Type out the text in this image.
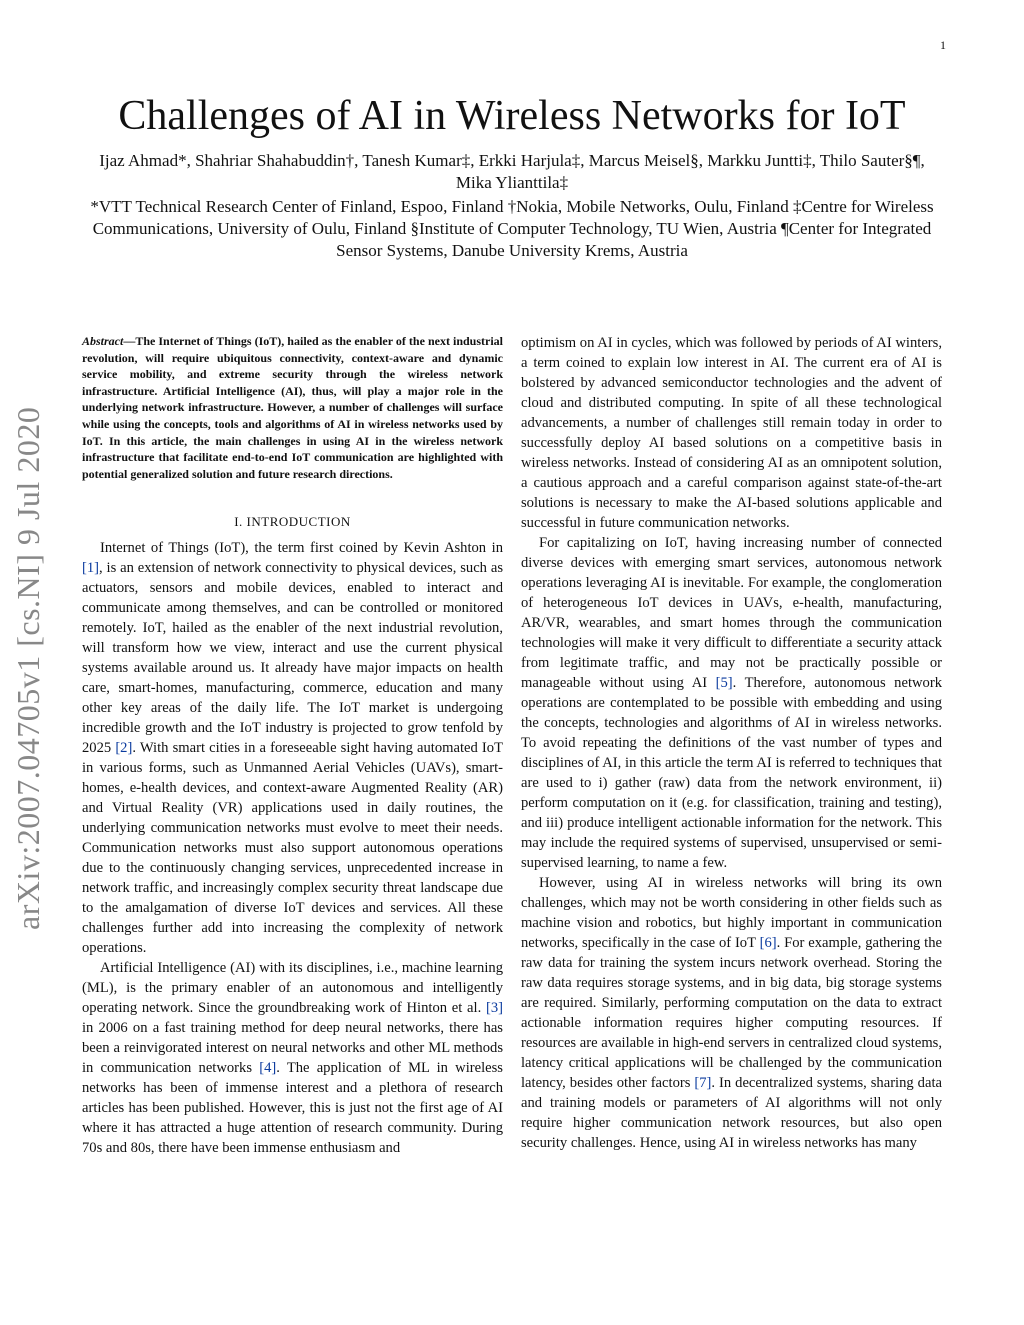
1
arXiv:2007.04705v1 [cs.NI] 9 Jul 2020
Challenges of AI in Wireless Networks for IoT
Ijaz Ahmad*, Shahriar Shahabuddin†, Tanesh Kumar‡, Erkki Harjula‡, Marcus Meisel§, Markku Juntti‡, Thilo Sauter§¶, Mika Ylianttila‡
*VTT Technical Research Center of Finland, Espoo, Finland †Nokia, Mobile Networks, Oulu, Finland ‡Centre for Wireless Communications, University of Oulu, Finland §Institute of Computer Technology, TU Wien, Austria ¶Center for Integrated Sensor Systems, Danube University Krems, Austria

Abstract—The Internet of Things (IoT), hailed as the enabler of the next industrial revolution, will require ubiquitous connectivity, context-aware and dynamic service mobility, and extreme security through the wireless network infrastructure. Artificial Intelligence (AI), thus, will play a major role in the underlying network infrastructure. However, a number of challenges will surface while using the concepts, tools and algorithms of AI in wireless networks used by IoT. In this article, the main challenges in using AI in the wireless network infrastructure that facilitate end-to-end IoT communication are highlighted with potential generalized solution and future research directions.

I. INTRODUCTION

Internet of Things (IoT), the term first coined by Kevin Ashton in [1], is an extension of network connectivity to physical devices, such as actuators, sensors and mobile devices, enabled to interact and communicate among themselves, and can be controlled or monitored remotely. IoT, hailed as the enabler of the next industrial revolution, will transform how we view, interact and use the current physical systems available around us. It already have major impacts on health care, smart-homes, manufacturing, commerce, education and many other key areas of the daily life. The IoT market is undergoing incredible growth and the IoT industry is projected to grow tenfold by 2025 [2]. With smart cities in a foreseeable sight having automated IoT in various forms, such as Unmanned Aerial Vehicles (UAVs), smart-homes, e-health devices, and context-aware Augmented Reality (AR) and Virtual Reality (VR) applications used in daily routines, the underlying communication networks must evolve to meet their needs. Communication networks must also support autonomous operations due to the continuously changing services, unprecedented increase in network traffic, and increasingly complex security threat landscape due to the amalgamation of diverse IoT devices and services. All these challenges further add into increasing the complexity of network operations.

Artificial Intelligence (AI) with its disciplines, i.e., machine learning (ML), is the primary enabler of an autonomous and intelligently operating network. Since the groundbreaking work of Hinton et al. [3] in 2006 on a fast training method for deep neural networks, there has been a reinvigorated interest on neural networks and other ML methods in communication networks [4]. The application of ML in wireless networks has been of immense interest and a plethora of research articles has been published. However, this is just not the first age of AI where it has attracted a huge attention of research community. During 70s and 80s, there have been immense enthusiasm and

optimism on AI in cycles, which was followed by periods of AI winters, a term coined to explain low interest in AI. The current era of AI is bolstered by advanced semiconductor technologies and the advent of cloud and distributed computing. In spite of all these technological advancements, a number of challenges still remain today in order to successfully deploy AI based solutions on a competitive basis in wireless networks. Instead of considering AI as an omnipotent solution, a cautious approach and a careful comparison against state-of-the-art solutions is necessary to make the AI-based solutions applicable and successful in future communication networks.

For capitalizing on IoT, having increasing number of connected diverse devices with emerging smart services, autonomous network operations leveraging AI is inevitable. For example, the conglomeration of heterogeneous IoT devices in UAVs, e-health, manufacturing, AR/VR, wearables, and smart homes through the communication technologies will make it very difficult to differentiate a security attack from legitimate traffic, and may not be practically possible or manageable without using AI [5]. Therefore, autonomous network operations are contemplated to be possible with embedding and using the concepts, technologies and algorithms of AI in wireless networks. To avoid repeating the definitions of the vast number of types and disciplines of AI, in this article the term AI is referred to techniques that are used to i) gather (raw) data from the network environment, ii) perform computation on it (e.g. for classification, training and testing), and iii) produce intelligent actionable information for the network. This may include the required systems of supervised, unsupervised or semi-supervised learning, to name a few.

However, using AI in wireless networks will bring its own challenges, which may not be worth considering in other fields such as machine vision and robotics, but highly important in communication networks, specifically in the case of IoT [6]. For example, gathering the raw data for training the system incurs network overhead. Storing the raw data requires storage systems, and in big data, big storage systems are required. Similarly, performing computation on the data to extract actionable information requires higher computing resources. If resources are available in high-end servers in centralized cloud systems, latency critical applications will be challenged by the communication latency, besides other factors [7]. In decentralized systems, sharing data and training models or parameters of AI algorithms will not only require higher communication network resources, but also open security challenges. Hence, using AI in wireless networks has many
